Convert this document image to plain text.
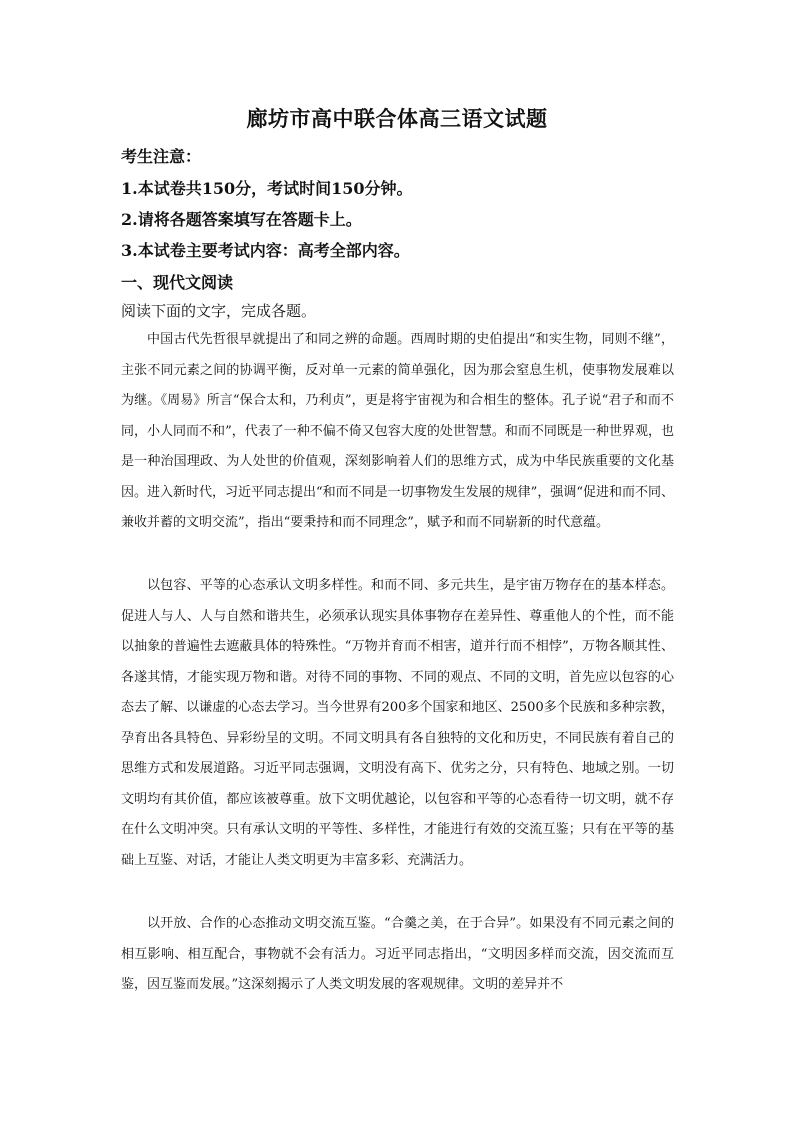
廊坊市高中联合体高三语文试题
考生注意：
1.本试卷共150分，考试时间150分钟。
2.请将各题答案填写在答题卡上。
3.本试卷主要考试内容：高考全部内容。
一、现代文阅读
阅读下面的文字，完成各题。

中国古代先哲很早就提出了和同之辨的命题。西周时期的史伯提出“和实生物，同则不继”，主张不同元素之间的协调平衡，反对单一元素的简单强化，因为那会窒息生机，使事物发展难以为继。《周易》所言“保合太和，乃利贞”，更是将宇宙视为和合相生的整体。孔子说“君子和而不同，小人同而不和”，代表了一种不偏不倚又包容大度的处世智慧。和而不同既是一种世界观，也是一种治国理政、为人处世的价值观，深刻影响着人们的思维方式，成为中华民族重要的文化基因。进入新时代，习近平同志提出“和而不同是一切事物发生发展的规律”，强调“促进和而不同、兼收并蓄的文明交流”，指出“要秉持和而不同理念”，赋予和而不同崭新的时代意蕴。

以包容、平等的心态承认文明多样性。和而不同、多元共生，是宇宙万物存在的基本样态。促进人与人、人与自然和谐共生，必须承认现实具体事物存在差异性、尊重他人的个性，而不能以抽象的普遍性去遮蔽具体的特殊性。“万物并育而不相害，道并行而不相悖”，万物各顺其性、各遂其情，才能实现万物和谐。对待不同的事物、不同的观点、不同的文明，首先应以包容的心态去了解、以谦虚的心态去学习。当今世界有200多个国家和地区、2500多个民族和多种宗教，孕育出各具特色、异彩纷呈的文明。不同文明具有各自独特的文化和历史，不同民族有着自己的思维方式和发展道路。习近平同志强调，文明没有高下、优劣之分，只有特色、地域之别。一切文明均有其价值，都应该被尊重。放下文明优越论，以包容和平等的心态看待一切文明，就不存在什么文明冲突。只有承认文明的平等性、多样性，才能进行有效的交流互鉴；只有在平等的基础上互鉴、对话，才能让人类文明更为丰富多彩、充满活力。

以开放、合作的心态推动文明交流互鉴。“合羹之美，在于合异”。如果没有不同元素之间的相互影响、相互配合，事物就不会有活力。习近平同志指出，“文明因多样而交流，因交流而互鉴，因互鉴而发展。”这深刻揭示了人类文明发展的客观规律。文明的差异并不
